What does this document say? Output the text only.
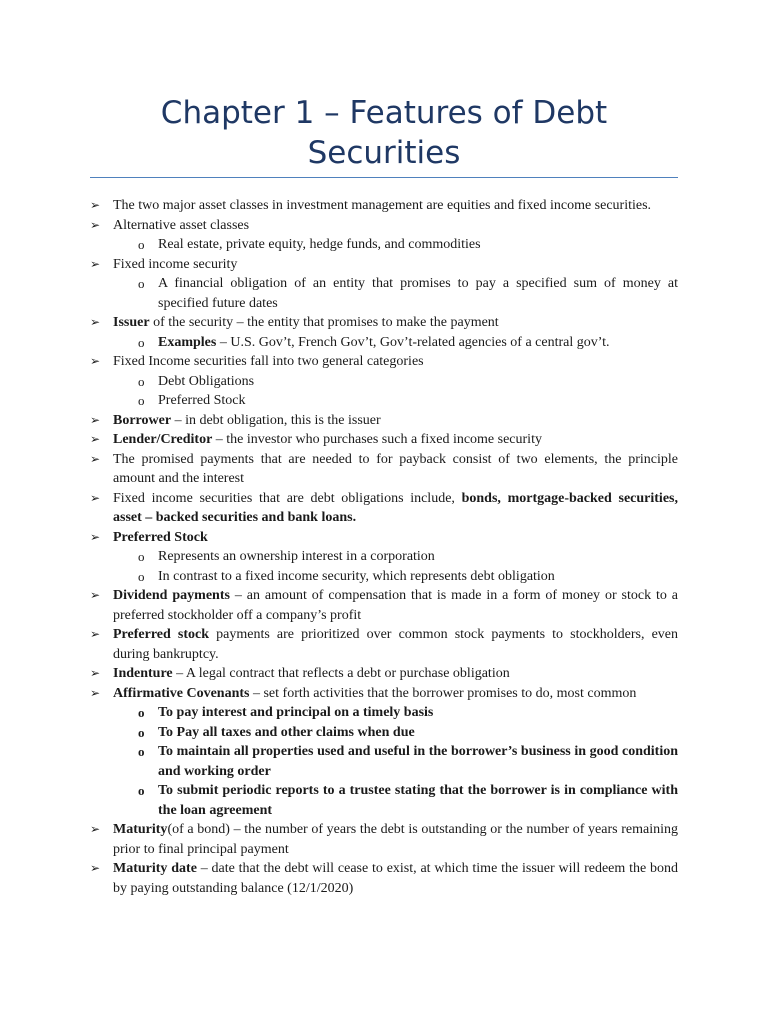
Chapter 1 – Features of Debt Securities
➢ The two major asset classes in investment management are equities and fixed income securities.
➢ Alternative asset classes
o Real estate, private equity, hedge funds, and commodities
➢ Fixed income security
o A financial obligation of an entity that promises to pay a specified sum of money at specified future dates
➢ Issuer of the security – the entity that promises to make the payment
o Examples – U.S. Gov’t, French Gov’t, Gov’t-related agencies of a central gov’t.
➢ Fixed Income securities fall into two general categories
o Debt Obligations
o Preferred Stock
➢ Borrower – in debt obligation, this is the issuer
➢ Lender/Creditor – the investor who purchases such a fixed income security
➢ The promised payments that are needed to for payback consist of two elements, the principle amount and the interest
➢ Fixed income securities that are debt obligations include, bonds, mortgage-backed securities, asset – backed securities and bank loans.
➢ Preferred Stock
o Represents an ownership interest in a corporation
o In contrast to a fixed income security, which represents debt obligation
➢ Dividend payments – an amount of compensation that is made in a form of money or stock to a preferred stockholder off a company’s profit
➢ Preferred stock payments are prioritized over common stock payments to stockholders, even during bankruptcy.
➢ Indenture – A legal contract that reflects a debt or purchase obligation
➢ Affirmative Covenants – set forth activities that the borrower promises to do, most common
o To pay interest and principal on a timely basis
o To Pay all taxes and other claims when due
o To maintain all properties used and useful in the borrower’s business in good condition and working order
o To submit periodic reports to a trustee stating that the borrower is in compliance with the loan agreement
➢ Maturity(of a bond) – the number of years the debt is outstanding or the number of years remaining prior to final principal payment
➢ Maturity date – date that the debt will cease to exist, at which time the issuer will redeem the bond by paying outstanding balance (12/1/2020)
